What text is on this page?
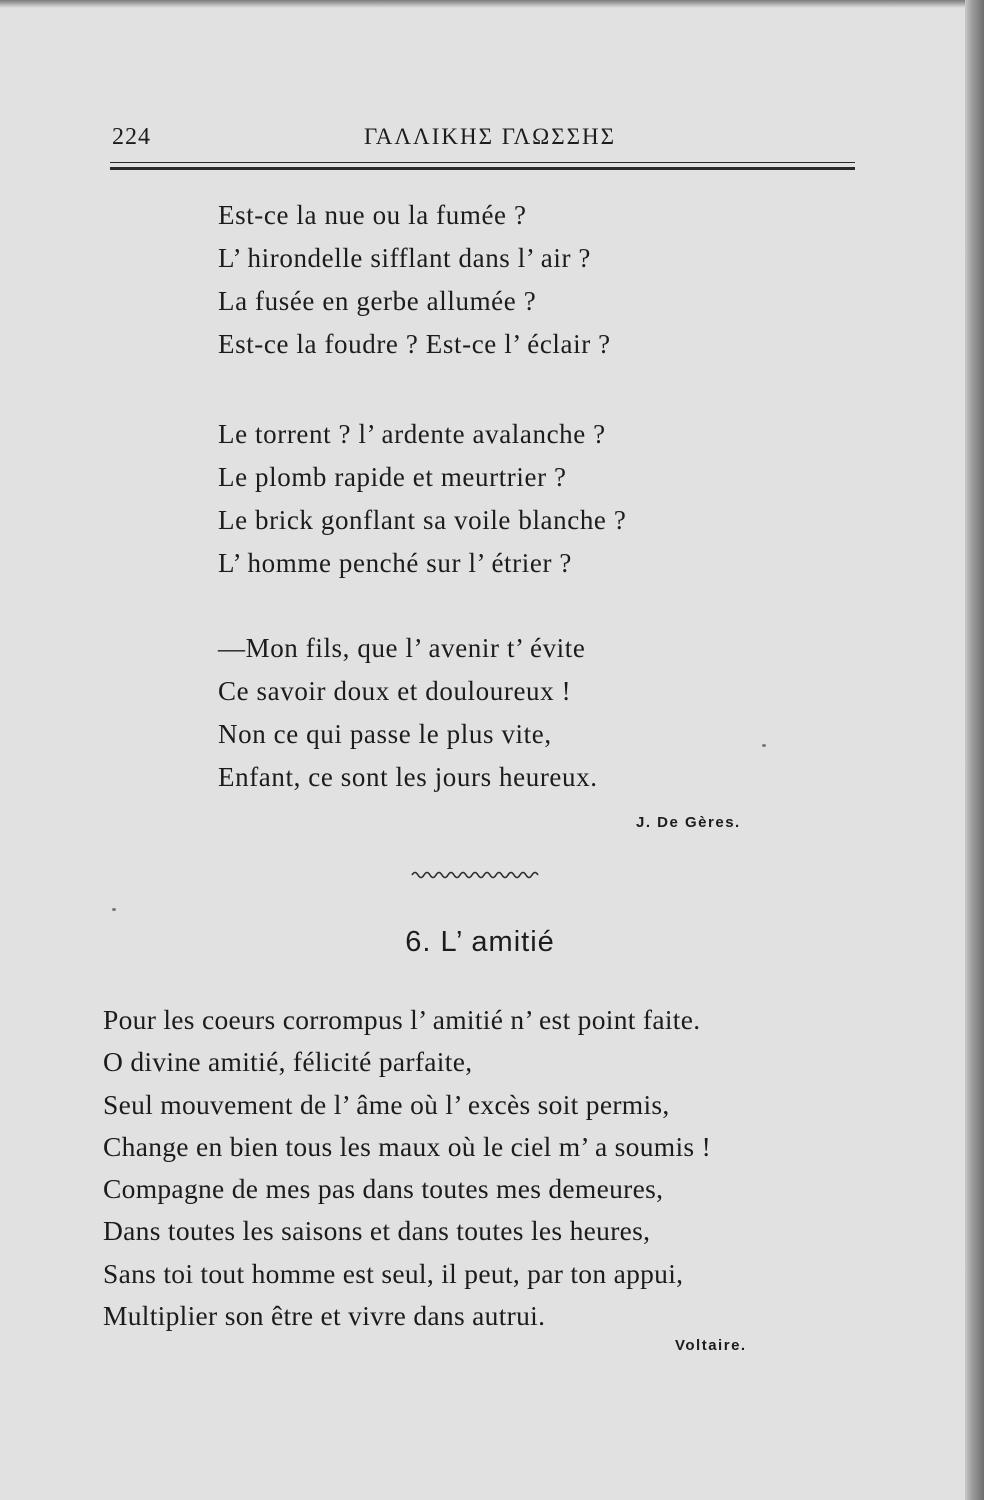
224	ΓΑΛΛΙΚΗΣ ΓΛΩΣΣΗΣ
Est-ce la nue ou la fumée ?
L’ hirondelle sifflant dans l’ air ?
La fusée en gerbe allumée ?
Est-ce la foudre ? Est-ce l’ éclair ?
Le torrent ? l’ ardente avalanche ?
Le plomb rapide et meurtrier ?
Le brick gonflant sa voile blanche ?
L’ homme penché sur l’ étrier ?
—Mon fils, que l’ avenir t’ évite
Ce savoir doux et douloureux !
Non ce qui passe le plus vite,
Enfant, ce sont les jours heureux.
J. De Gères.
6. L’ amitié
Pour les coeurs corrompus l’ amitié n’ est point faite.
O divine amitié, félicité parfaite,
Seul mouvement de l’ âme où l’ excès soit permis,
Change en bien tous les maux où le ciel m’ a soumis !
Compagne de mes pas dans toutes mes demeures,
Dans toutes les saisons et dans toutes les heures,
Sans toi tout homme est seul, il peut, par ton appui,
Multiplier son être et vivre dans autrui.
Voltaire.
